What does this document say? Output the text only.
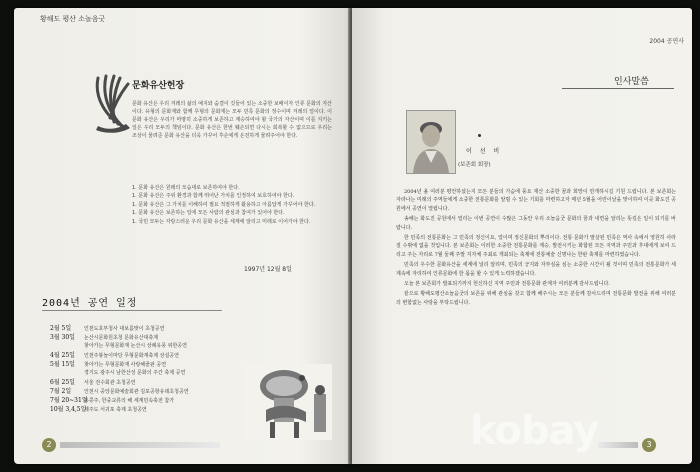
황해도 평산 소놀음굿
문화유산헌장
문화 유산은 우리 겨레의 삶의 예지와 숨결이 깃들어 있는 소중한 보배이자 인류 문화의 자산이다. 유형의 문화재와 함께 무형의 문화재는 모두 민족 문화의 정수이며 겨레의 얼이다. 이 문화 유산은 우리가 마땅히 소중하게 보존하고 계승하여야 할 국가의 자산이며 이를 지키는 일은 우리 모두의 책임이다. 문화 유산은 한번 훼손되면 다시는 회복할 수 없으므로 우리는 조상이 물려준 문화 유산을 더욱 가꾸어 후손에게 온전하게 물려주어야 한다.
1. 문화 유산은 원래의 모습대로 보존하여야 한다.
1. 문화 유산은 주위 환경과 함께 뛰어난 가치를 인정하여 보호하여야 한다.
1. 문화 유산은 그 가치를 이해하여 필요 적절하게 활용하고 아름답게 가꾸어야 한다.
1. 문화 유산은 보존하는 일에 모든 사람의 관심과 참여가 있어야 한다.
1. 국민 모두는 자랑스러운 우리 문화 유산을 세계에 알리고 미래로 이어가야 한다.
1997년 12월 8일
2004년 공연 일정
2월 5일	인천도호부청사 대보름맞이 초청공연
3월 30일 논산시문화원초청 문화유산대축제
찾아가는 무형문화재 논산시 상례유풍 위한공연
4월 25일 인천주봉놀이마당 무형문화재축제 상설공연
5월 15일 찾아가는 무형문화재 사랑해줄판 공연
경기도 광주시 남한산성 문화의 주간 축제 공연
6월 25일 서울 전수회관 초청공연
7월 2일	인천시 중앙문화예술회관 김포공항유데초청공연
7월 20~31일홍콩주, 한중교류의 해 세계민속축전 참가
10월 3,4,5일제주도 서귀포 축제 초청공연
2
2004 공연사
인사말씀
이 선 비
(보존회 회장)

2004년 올 여러분 평안하셨는지 모든 분들의 가슴에 풍요 재산 소중한 꿈과 희망이 만개하시길 기원 드립니다. 본 보존회는 자라나는 미래의 주역들에게 소중한 전통문화를 알릴 수 있는 기회를 마련하고자 매년 5월을 어린이날을 맞이하여 이곳 화도진 공원에서 공연이 열립니다.

송해는 화도진 공원에서 열리는 이번 공연이 수많은 그동안 우리 소놀음굿 문화의 꿈과 내면을 알리는 뜻깊은 일이 되기를 바랍니다.

한 민족의 전통문화는 그 민족의 정신이요, 얼이며 정신문화의 뿌리이다. 전통 문화가 말살된 민족은 역사 속에서 영원히 사라질 수밖에 없을 것입니다. 본 보존회는 이러한 소중한 전통문화를 계승, 발전시키는 화합된 모든 지역과 주민과 후대에게 보여 드리고 주는 자리로 7월 둘째 주말 지자체 주최로 개최되는 축제에 전통예술 신명나는 한판 축제를 마련하였습니다.

민족의 우수한 문화유산을 세계에 널리 알리며, 민족의 긍지와 자부심을 심는 소중한 시간이 될 것이며 민족의 전통문화가 세계속에 자리하여 인류문화에 한 몫을 할 수 있게 노력하겠습니다.

오늘 본 보존회가 발표되기까지 헌신하신 지역 주민과 전통문화 관계자 여러분께 감사드립니다.

끝으로 황해도평산소놀음굿의 보존을 위해 관심을 갖고 함께 해주시는 모든 분들께 감사드리며 전통문화 발전을 위해 여러분의 변함없는 사랑을 부탁드립니다.

3
kobay
